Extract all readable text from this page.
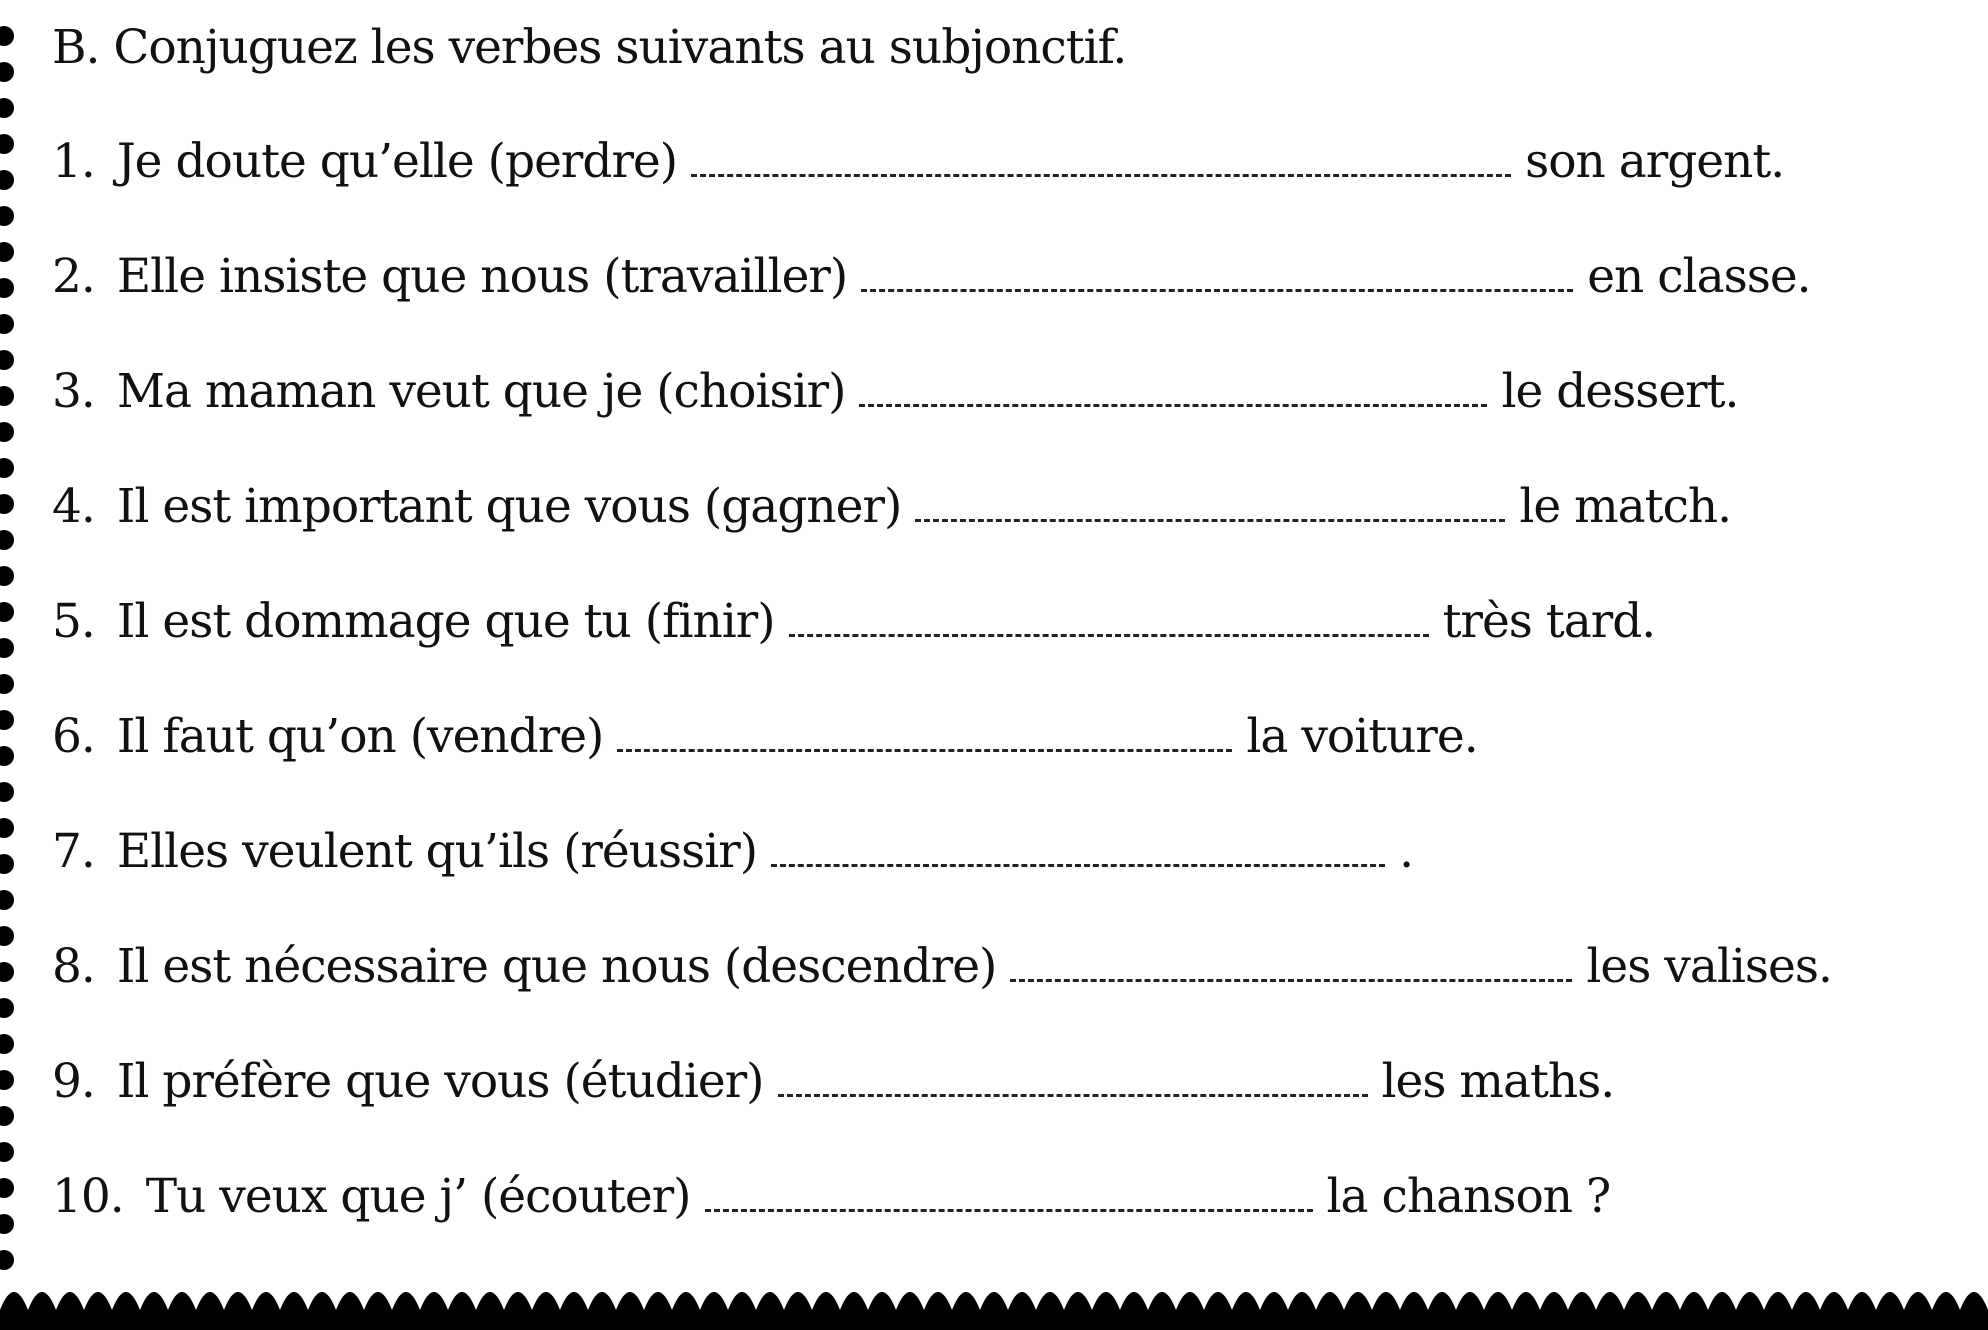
B. Conjuguez les verbes suivants au subjonctif.
1. Je doute qu’elle (perdre)	son argent.
2. Elle insiste que nous (travailler)	en classe.
3. Ma maman veut que je (choisir)	le dessert.
4. Il est important que vous (gagner)	le match.
5. Il est dommage que tu (finir)	très tard.
6. Il faut qu’on (vendre)	la voiture.
7. Elles veulent qu’ils (réussir)	.
8. Il est nécessaire que nous (descendre)	les valises.
9. Il préfère que vous (étudier)	les maths.
10. Tu veux que j’ (écouter)	la chanson ?
